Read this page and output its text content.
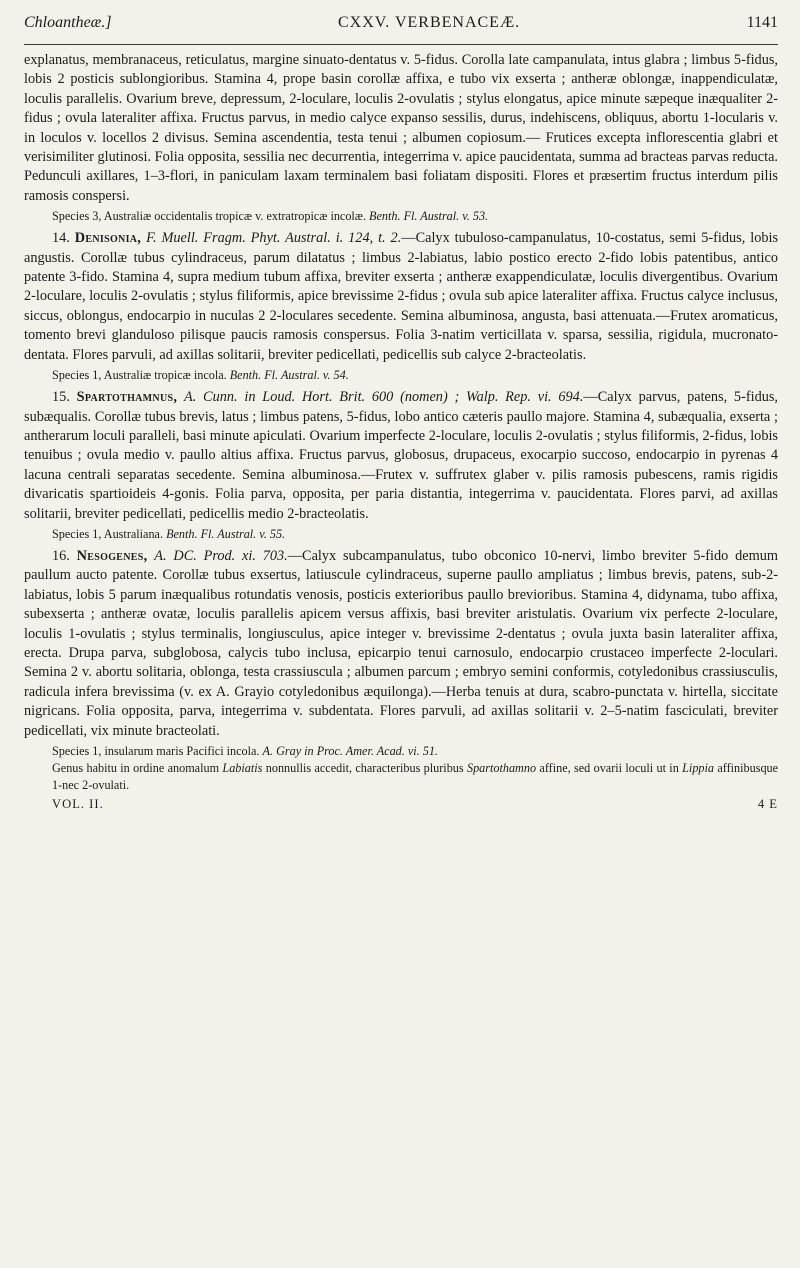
Chloantheæ.]	CXXV. VERBENACEÆ.	1141

explanatus, membranaceus, reticulatus, margine sinuato-dentatus v. 5-fidus. Corolla late campanulata, intus glabra ; limbus 5-fidus, lobis 2 posticis sublongioribus. Stamina 4, prope basin corollæ affixa, e tubo vix exserta ; antheræ oblongæ, inappendiculatæ, loculis parallelis. Ovarium breve, depressum, 2-loculare, loculis 2-ovulatis ; stylus elongatus, apice minute sæpeque inæqualiter 2-fidus ; ovula lateraliter affixa. Fructus parvus, in medio calyce expanso sessilis, durus, indehiscens, obliquus, abortu 1-locularis v. in loculos v. locellos 2 divisus. Semina ascendentia, testa tenui ; albumen copiosum.— Frutices excepta inflorescentia glabri et verisimiliter glutinosi. Folia opposita, sessilia nec decurrentia, integerrima v. apice paucidentata, summa ad bracteas parvas reducta. Pedunculi axillares, 1–3-flori, in paniculam laxam terminalem basi foliatam dispositi. Flores et præsertim fructus interdum pilis ramosis conspersi.

Species 3, Australiæ occidentalis tropicæ v. extratropicæ incolæ. Benth. Fl. Austral. v. 53.

14. Denisonia, F. Muell. Fragm. Phyt. Austral. i. 124, t. 2.—Calyx tubuloso-campanulatus, 10-costatus, semi 5-fidus, lobis angustis. Corollæ tubus cylindraceus, parum dilatatus ; limbus 2-labiatus, labio postico erecto 2-fido lobis patentibus, antico patente 3-fido. Stamina 4, supra medium tubum affixa, breviter exserta ; antheræ exappendiculatæ, loculis divergentibus. Ovarium 2-loculare, loculis 2-ovulatis ; stylus filiformis, apice brevissime 2-fidus ; ovula sub apice lateraliter affixa. Fructus calyce inclusus, siccus, oblongus, endocarpio in nuculas 2 2-loculares secedente. Semina albuminosa, angusta, basi attenuata.—Frutex aromaticus, tomento brevi glanduloso pilisque paucis ramosis conspersus. Folia 3-natim verticillata v. sparsa, sessilia, rigidula, mucronato-dentata. Flores parvuli, ad axillas solitarii, breviter pedicellati, pedicellis sub calyce 2-bracteolatis.

Species 1, Australiæ tropicæ incola. Benth. Fl. Austral. v. 54.

15. Spartothamnus, A. Cunn. in Loud. Hort. Brit. 600 (nomen) ; Walp. Rep. vi. 694.—Calyx parvus, patens, 5-fidus, subæqualis. Corollæ tubus brevis, latus ; limbus patens, 5-fidus, lobo antico cæteris paullo majore. Stamina 4, subæqualia, exserta ; antherarum loculi paralleli, basi minute apiculati. Ovarium imperfecte 2-loculare, loculis 2-ovulatis ; stylus filiformis, 2-fidus, lobis tenuibus ; ovula medio v. paullo altius affixa. Fructus parvus, globosus, drupaceus, exocarpio succoso, endocarpio in pyrenas 4 lacuna centrali separatas secedente. Semina albuminosa.—Frutex v. suffrutex glaber v. pilis ramosis pubescens, ramis rigidis divaricatis spartioideis 4-gonis. Folia parva, opposita, per paria distantia, integerrima v. paucidentata. Flores parvi, ad axillas solitarii, breviter pedicellati, pedicellis medio 2-bracteolatis.

Species 1, Australiana. Benth. Fl. Austral. v. 55.

16. Nesogenes, A. DC. Prod. xi. 703.—Calyx subcampanulatus, tubo obconico 10-nervi, limbo breviter 5-fido demum paullum aucto patente. Corollæ tubus exsertus, latiuscule cylindraceus, superne paullo ampliatus ; limbus brevis, patens, sub-2-labiatus, lobis 5 parum inæqualibus rotundatis venosis, posticis exterioribus paullo brevioribus. Stamina 4, didynama, tubo affixa, subexserta ; antheræ ovatæ, loculis parallelis apicem versus affixis, basi breviter aristulatis. Ovarium vix perfecte 2-loculare, loculis 1-ovulatis ; stylus terminalis, longiusculus, apice integer v. brevissime 2-dentatus ; ovula juxta basin lateraliter affixa, erecta. Drupa parva, subglobosa, calycis tubo inclusa, epicarpio tenui carnosulo, endocarpio crustaceo imperfecte 2-loculari. Semina 2 v. abortu solitaria, oblonga, testa crassiuscula ; albumen parcum ; embryo semini conformis, cotyledonibus crassiusculis, radicula infera brevissima (v. ex A. Grayio cotyledonibus æquilonga).—Herba tenuis at dura, scabro-punctata v. hirtella, siccitate nigricans. Folia opposita, parva, integerrima v. subdentata. Flores parvuli, ad axillas solitarii v. 2–5-natim fasciculati, breviter pedicellati, vix minute bracteolati.

Species 1, insularum maris Pacifici incola. A. Gray in Proc. Amer. Acad. vi. 51.

Genus habitu in ordine anomalum Labiatis nonnullis accedit, characteribus pluribus Spartothamno affine, sed ovarii loculi ut in Lippia affinibusque 1-nec 2-ovulati.

VOL. II.	4 E
